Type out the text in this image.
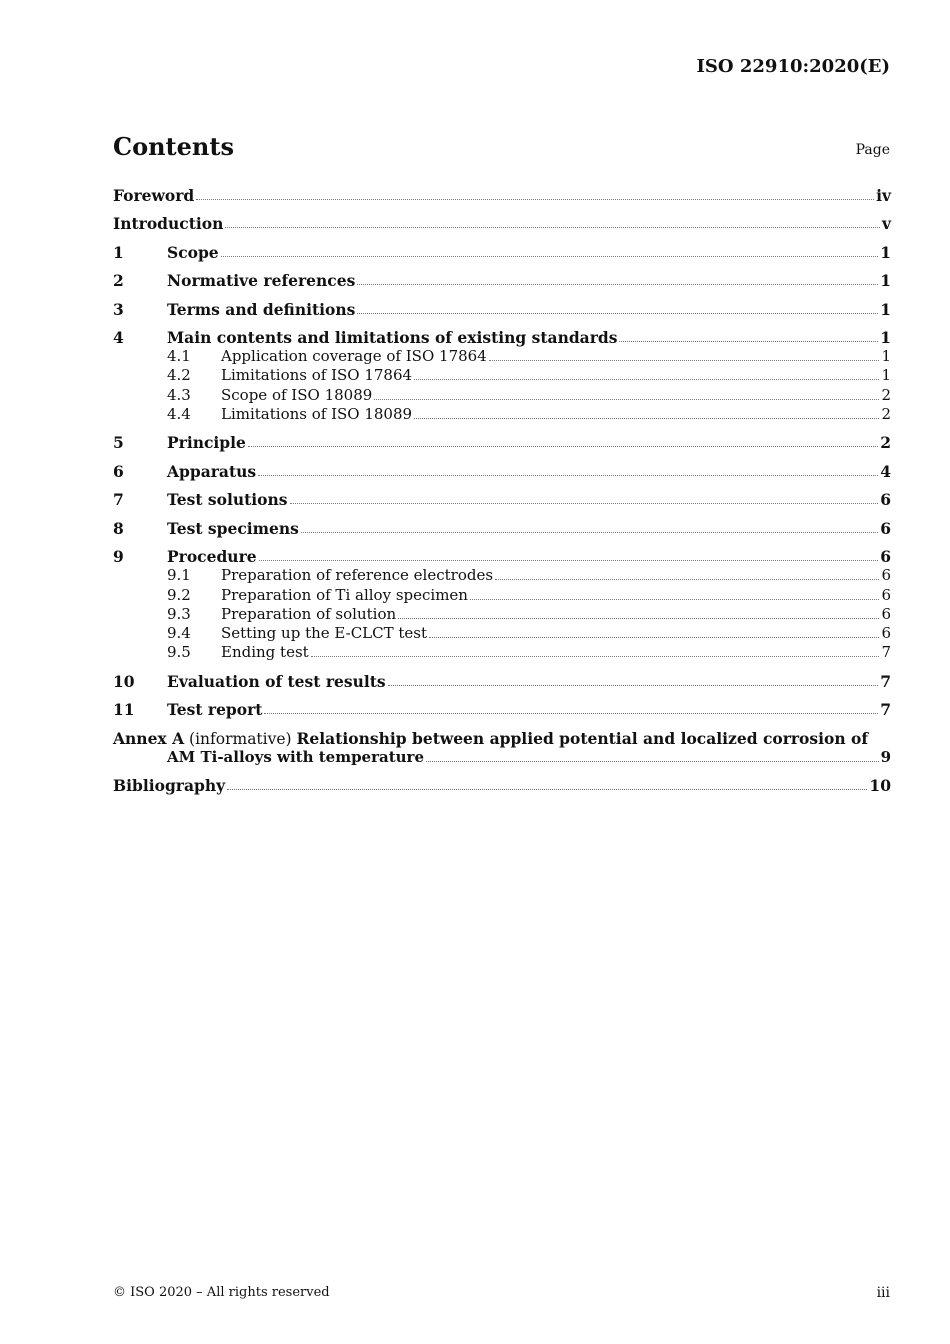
ISO 22910:2020(E)
Contents	Page
Foreword	iv
Introduction	v
1	Scope	1
2	Normative references	1
3	Terms and definitions	1
4	Main contents and limitations of existing standards	1
4.1	Application coverage of ISO 17864	1
4.2	Limitations of ISO 17864	1
4.3	Scope of ISO 18089	2
4.4	Limitations of ISO 18089	2
5	Principle	2
6	Apparatus	4
7	Test solutions	6
8	Test specimens	6
9	Procedure	6
9.1	Preparation of reference electrodes	6
9.2	Preparation of Ti alloy specimen	6
9.3	Preparation of solution	6
9.4	Setting up the E-CLCT test	6
9.5	Ending test	7
10	Evaluation of test results	7
11	Test report	7
Annex A (informative) Relationship between applied potential and localized corrosion of
AM Ti-alloys with temperature	9
Bibliography	10
© ISO 2020 – All rights reserved	iii
